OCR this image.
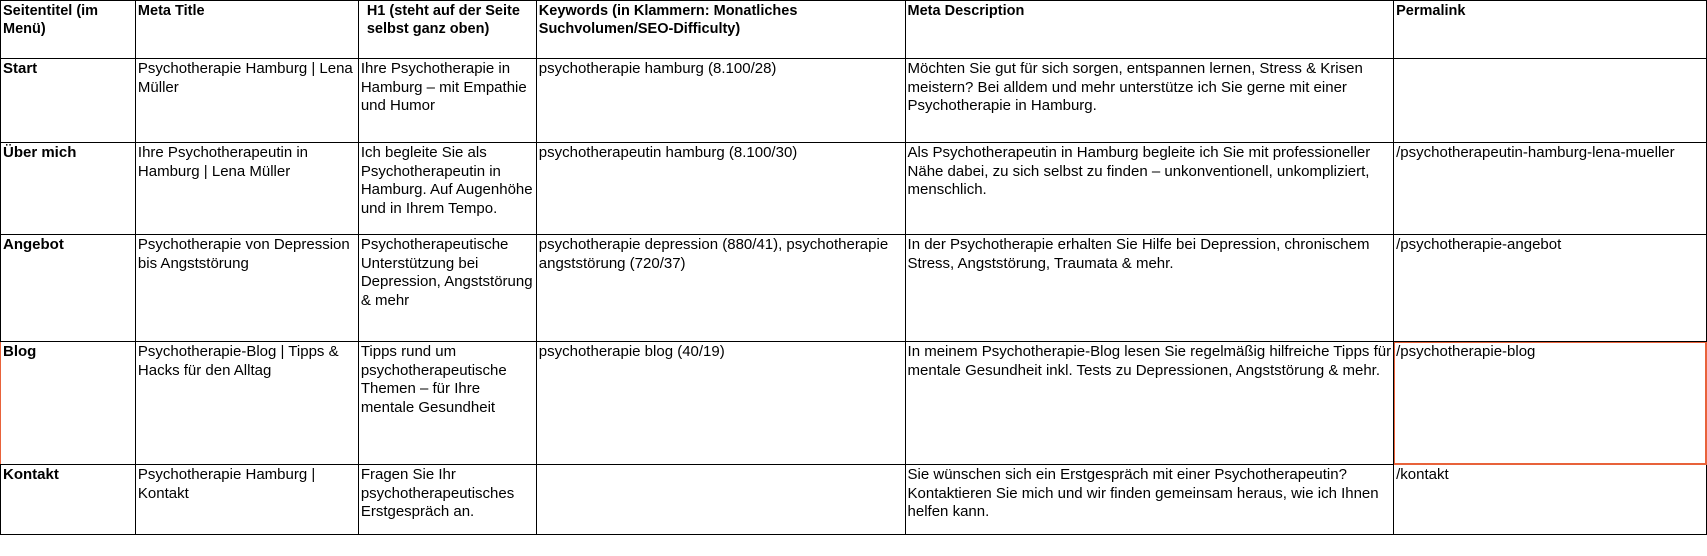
Seitentitel (im Menü)	Meta Title	H1 (steht auf der Seite selbst ganz oben)	Keywords (in Klammern: Monatliches Suchvolumen/SEO-Difficulty)	Meta Description	Permalink
Start	Psychotherapie Hamburg | Lena Müller	Ihre Psychotherapie in Hamburg – mit Empathie und Humor	psychotherapie hamburg (8.100/28)	Möchten Sie gut für sich sorgen, entspannen lernen, Stress & Krisen meistern? Bei alldem und mehr unterstütze ich Sie gerne mit einer Psychotherapie in Hamburg.	
Über mich	Ihre Psychotherapeutin in Hamburg | Lena Müller	Ich begleite Sie als Psychotherapeutin in Hamburg. Auf Augenhöhe und in Ihrem Tempo.	psychotherapeutin hamburg (8.100/30)	Als Psychotherapeutin in Hamburg begleite ich Sie mit professioneller Nähe dabei, zu sich selbst zu finden – unkonventionell, unkompliziert, menschlich.	/psychotherapeutin-hamburg-lena-mueller
Angebot	Psychotherapie von Depression bis Angststörung	Psychotherapeutische Unterstützung bei Depression, Angststörung & mehr	psychotherapie depression (880/41), psychotherapie angststörung (720/37)	In der Psychotherapie erhalten Sie Hilfe bei Depression, chronischem Stress, Angststörung, Traumata & mehr.	/psychotherapie-angebot
Blog	Psychotherapie-Blog | Tipps & Hacks für den Alltag	Tipps rund um psychotherapeutische Themen – für Ihre mentale Gesundheit	psychotherapie blog (40/19)	In meinem Psychotherapie-Blog lesen Sie regelmäßig hilfreiche Tipps für mentale Gesundheit inkl. Tests zu Depressionen, Angststörung & mehr.	/psychotherapie-blog
Kontakt	Psychotherapie Hamburg | Kontakt	Fragen Sie Ihr psychotherapeutisches Erstgespräch an.		Sie wünschen sich ein Erstgespräch mit einer Psychotherapeutin? Kontaktieren Sie mich und wir finden gemeinsam heraus, wie ich Ihnen helfen kann.	/kontakt
